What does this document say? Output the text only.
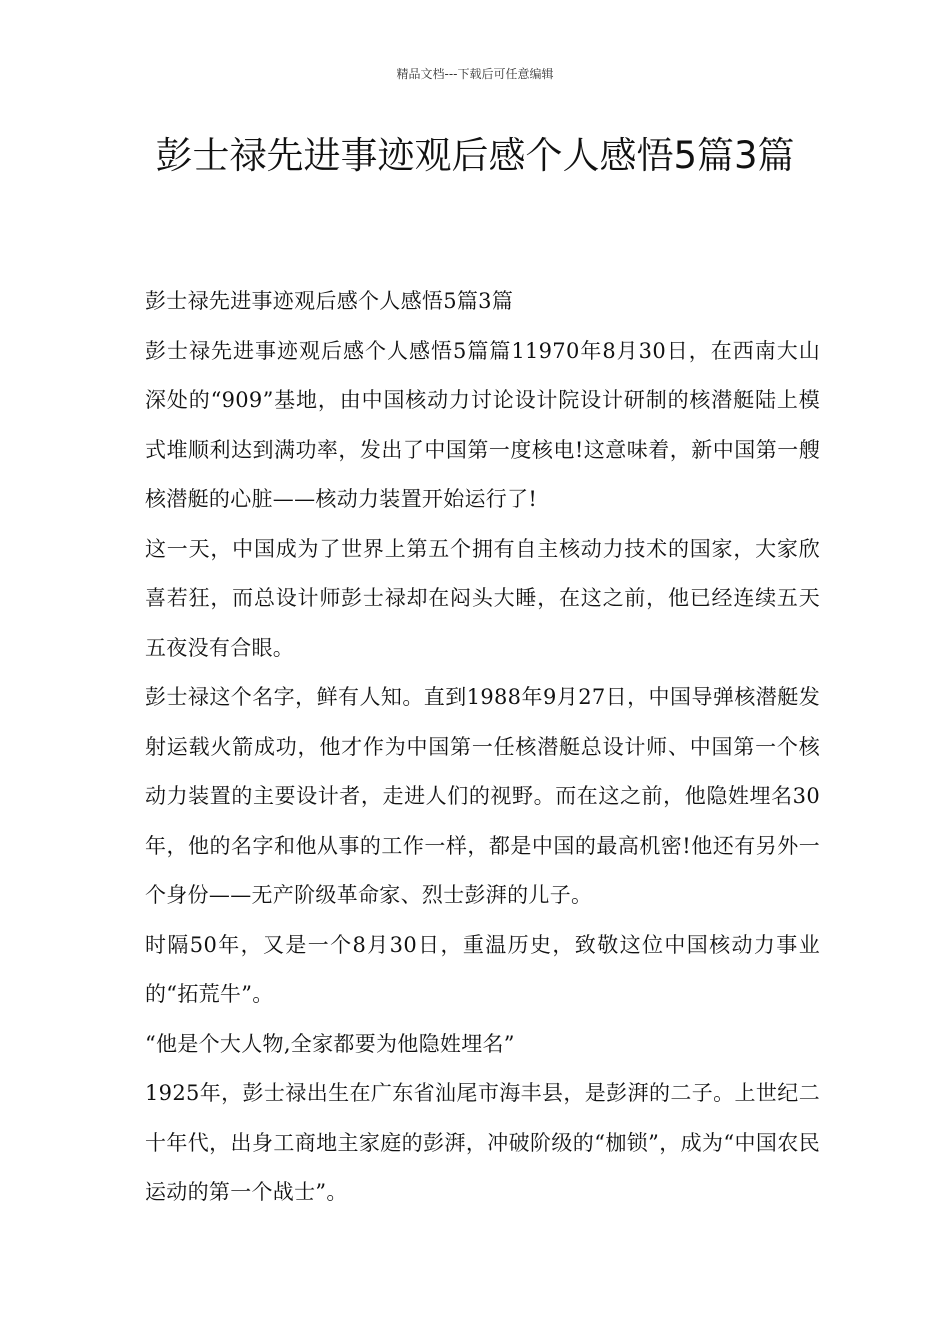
精品文档---下载后可任意编辑
彭士禄先进事迹观后感个人感悟5篇3篇

彭士禄先进事迹观后感个人感悟5篇3篇

彭士禄先进事迹观后感个人感悟5篇篇11970年8月30日，在西南大山深处的“909”基地，由中国核动力讨论设计院设计研制的核潜艇陆上模式堆顺利达到满功率，发出了中国第一度核电!这意味着，新中国第一艘核潜艇的心脏——核动力装置开始运行了!

这一天，中国成为了世界上第五个拥有自主核动力技术的国家，大家欣喜若狂，而总设计师彭士禄却在闷头大睡，在这之前，他已经连续五天五夜没有合眼。

彭士禄这个名字，鲜有人知。直到1988年9月27日，中国导弹核潜艇发射运载火箭成功，他才作为中国第一任核潜艇总设计师、中国第一个核动力装置的主要设计者，走进人们的视野。而在这之前，他隐姓埋名30年，他的名字和他从事的工作一样，都是中国的最高机密!他还有另外一个身份——无产阶级革命家、烈士彭湃的儿子。

时隔50年，又是一个8月30日，重温历史，致敬这位中国核动力事业的“拓荒牛”。

“他是个大人物,全家都要为他隐姓埋名”

1925年，彭士禄出生在广东省汕尾市海丰县，是彭湃的二子。上世纪二十年代，出身工商地主家庭的彭湃，冲破阶级的“枷锁”，成为“中国农民运动的第一个战士”。
